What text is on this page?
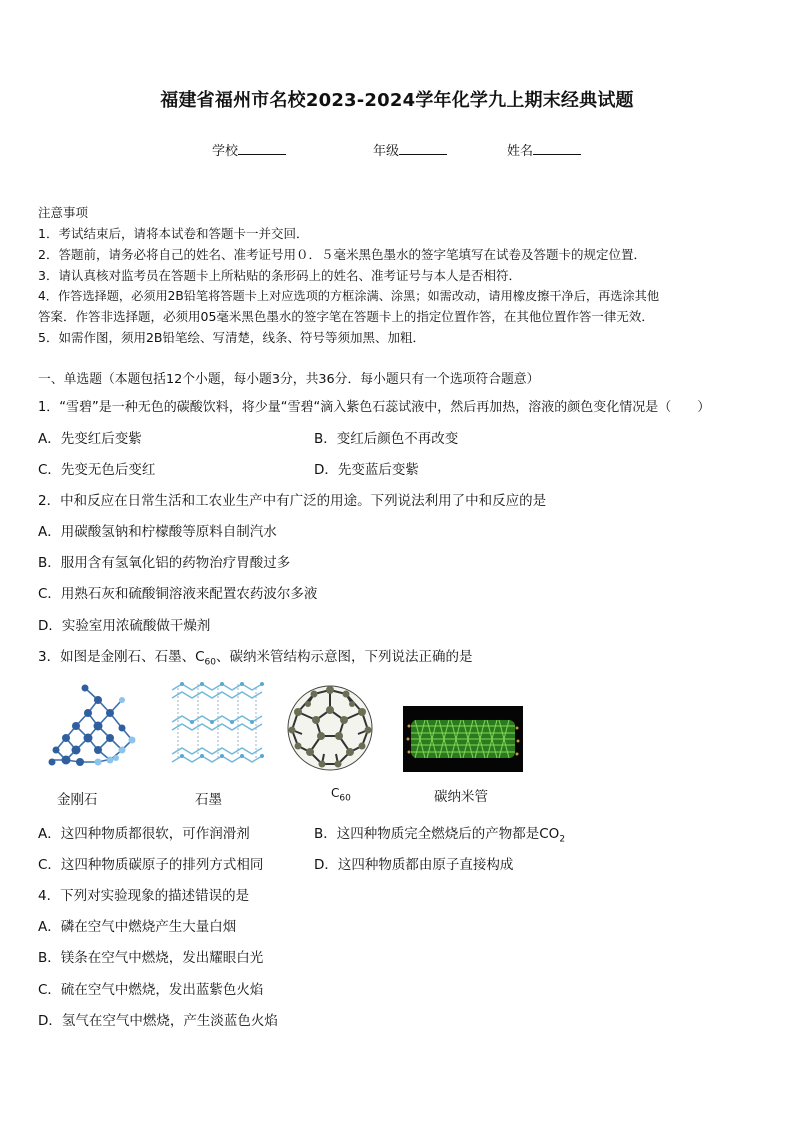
福建省福州市名校2023-2024学年化学九上期末经典试题
学校	年级	姓名
注意事项
1．考试结束后，请将本试卷和答题卡一并交回．
2．答题前，请务必将自己的姓名、准考证号用０．５毫米黑色墨水的签字笔填写在试卷及答题卡的规定位置．
3．请认真核对监考员在答题卡上所粘贴的条形码上的姓名、准考证号与本人是否相符．
4．作答选择题，必须用2B铅笔将答题卡上对应选项的方框涂满、涂黑；如需改动，请用橡皮擦干净后，再选涂其他
答案．作答非选择题，必须用05毫米黑色墨水的签字笔在答题卡上的指定位置作答，在其他位置作答一律无效．
5．如需作图，须用2B铅笔绘、写清楚，线条、符号等须加黑、加粗．
一、单选题（本题包括12个小题，每小题3分，共36分．每小题只有一个选项符合题意）
1．“雪碧”是一种无色的碳酸饮料，将少量“雪碧“滴入紫色石蕊试液中，然后再加热，溶液的颜色变化情况是（　　）
A．先变红后变紫	B．变红后颜色不再改变
C．先变无色后变红	D．先变蓝后变紫
2．中和反应在日常生活和工农业生产中有广泛的用途。下列说法利用了中和反应的是
A．用碳酸氢钠和柠檬酸等原料自制汽水
B．服用含有氢氧化铝的药物治疗胃酸过多
C．用熟石灰和硫酸铜溶液来配置农药波尔多液
D．实验室用浓硫酸做干燥剂
3．如图是金刚石、石墨、$C_{60}$、碳纳米管结构示意图，下列说法正确的是
金刚石	石墨	$C_{60}$	碳纳米管
A．这四种物质都很软，可作润滑剂	B．这四种物质完全燃烧后的产物都是$CO_2$
C．这四种物质碳原子的排列方式相同	D．这四种物质都由原子直接构成
4．下列对实验现象的描述错误的是
A．磷在空气中燃烧产生大量白烟
B．镁条在空气中燃烧，发出耀眼白光
C．硫在空气中燃烧，发出蓝紫色火焰
D．氢气在空气中燃烧，产生淡蓝色火焰
